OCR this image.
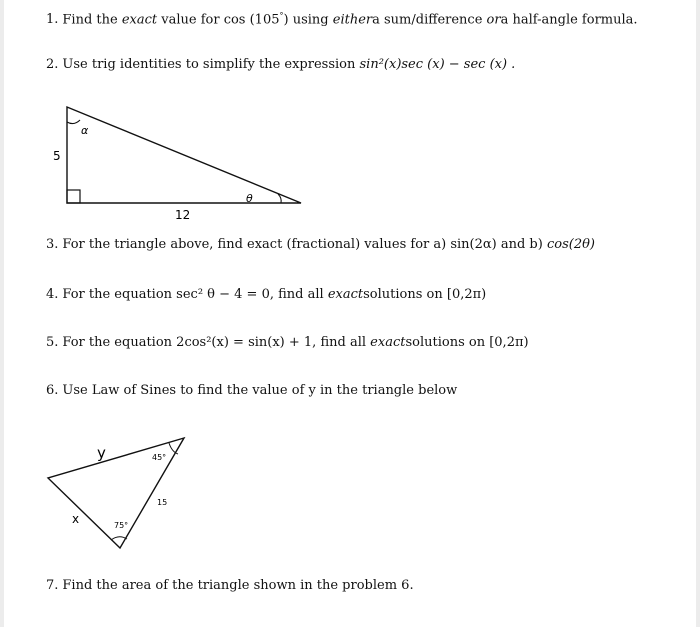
1. Find the exact value for cos (105°) using eithera sum/difference ora half-angle formula.
2. Use trig identities to simplify the expression sin²(x)sec (x) − sec (x) .
α
5
θ
12
3. For the triangle above, find exact (fractional) values for a) sin(2α) and b) cos(2θ)
4. For the equation sec² θ − 4 = 0, find all exactsolutions on [0,2π)
5. For the equation 2cos²(x) = sin(x) + 1, find all exactsolutions on [0,2π)
6. Use Law of Sines to find the value of y in the triangle below
y	45°
15
x	75°
7. Find the area of the triangle shown in the problem 6.
